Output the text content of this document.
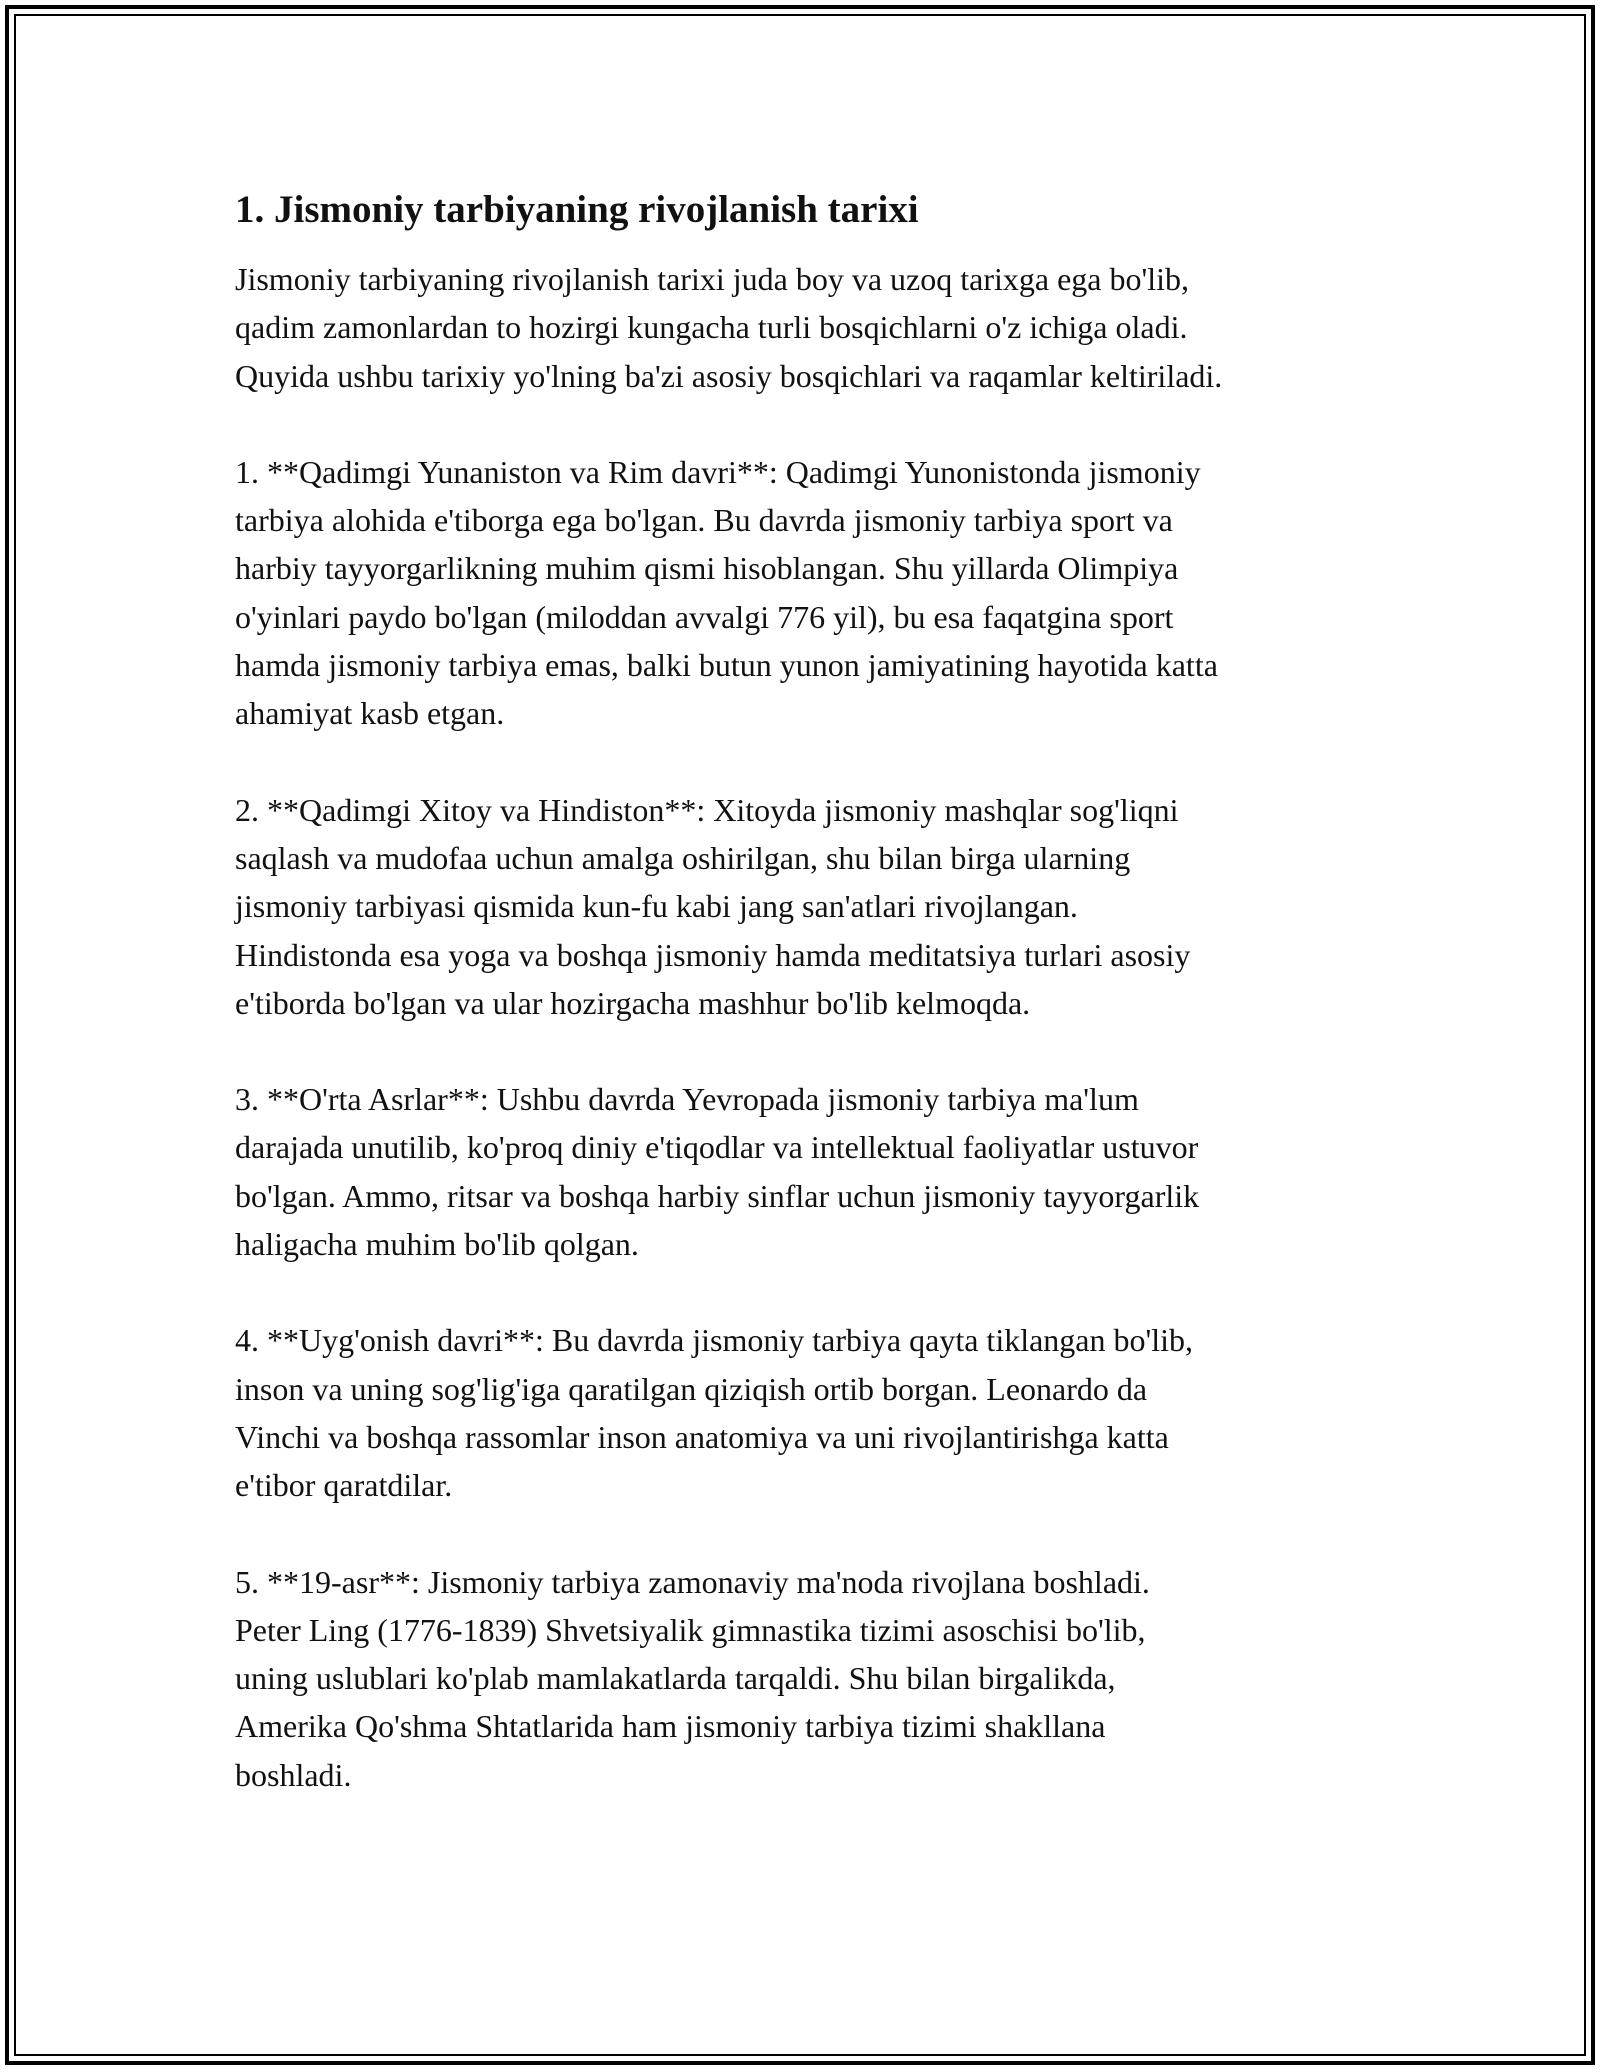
1. Jismoniy tarbiyaning rivojlanish tarixi

Jismoniy tarbiyaning rivojlanish tarixi juda boy va uzoq tarixga ega bo'lib,
qadim zamonlardan to hozirgi kungacha turli bosqichlarni o'z ichiga oladi.
Quyida ushbu tarixiy yo'lning ba'zi asosiy bosqichlari va raqamlar keltiriladi.

1. **Qadimgi Yunaniston va Rim davri**: Qadimgi Yunonistonda jismoniy
tarbiya alohida e'tiborga ega bo'lgan. Bu davrda jismoniy tarbiya sport va
harbiy tayyorgarlikning muhim qismi hisoblangan. Shu yillarda Olimpiya
o'yinlari paydo bo'lgan (miloddan avvalgi 776 yil), bu esa faqatgina sport
hamda jismoniy tarbiya emas, balki butun yunon jamiyatining hayotida katta
ahamiyat kasb etgan.

2. **Qadimgi Xitoy va Hindiston**: Xitoyda jismoniy mashqlar sog'liqni
saqlash va mudofaa uchun amalga oshirilgan, shu bilan birga ularning
jismoniy tarbiyasi qismida kun-fu kabi jang san'atlari rivojlangan.
Hindistonda esa yoga va boshqa jismoniy hamda meditatsiya turlari asosiy
e'tiborda bo'lgan va ular hozirgacha mashhur bo'lib kelmoqda.

3. **O'rta Asrlar**: Ushbu davrda Yevropada jismoniy tarbiya ma'lum
darajada unutilib, ko'proq diniy e'tiqodlar va intellektual faoliyatlar ustuvor
bo'lgan. Ammo, ritsar va boshqa harbiy sinflar uchun jismoniy tayyorgarlik
haligacha muhim bo'lib qolgan.

4. **Uyg'onish davri**: Bu davrda jismoniy tarbiya qayta tiklangan bo'lib,
inson va uning sog'lig'iga qaratilgan qiziqish ortib borgan. Leonardo da
Vinchi va boshqa rassomlar inson anatomiya va uni rivojlantirishga katta
e'tibor qaratdilar.

5. **19-asr**: Jismoniy tarbiya zamonaviy ma'noda rivojlana boshladi.
Peter Ling (1776-1839) Shvetsiyalik gimnastika tizimi asoschisi bo'lib,
uning uslublari ko'plab mamlakatlarda tarqaldi. Shu bilan birgalikda,
Amerika Qo'shma Shtatlarida ham jismoniy tarbiya tizimi shakllana
boshladi.
